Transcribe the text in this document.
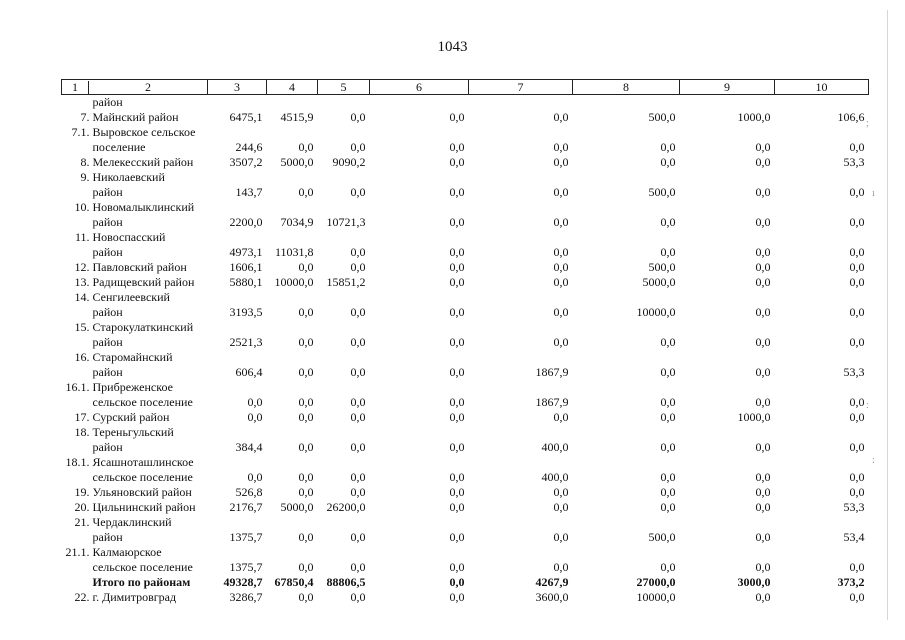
1043
;
ı
:
:
1 2	3	4	5	6	7	8	9	10

район								

7. Майнский район	6475,1	4515,9	0,0	0,0	0,0	500,0	1000,0	106,6

7.1. Выровское сельское								

поселение	244,6	0,0	0,0	0,0	0,0	0,0	0,0	0,0

8. Мелекесский район	3507,2	5000,0	9090,2	0,0	0,0	0,0	0,0	53,3

9. Николаевский								

район	143,7	0,0	0,0	0,0	0,0	500,0	0,0	0,0

10. Новомалыклинский								

район	2200,0	7034,9	10721,3	0,0	0,0	0,0	0,0	0,0

11. Новоспасский								

район	4973,1	11031,8	0,0	0,0	0,0	0,0	0,0	0,0

12. Павловский район	1606,1	0,0	0,0	0,0	0,0	500,0	0,0	0,0

13. Радищевский район	5880,1	10000,0	15851,2	0,0	0,0	5000,0	0,0	0,0

14. Сенгилеевский								

район	3193,5	0,0	0,0	0,0	0,0	10000,0	0,0	0,0

15. Старокулаткинский								

район	2521,3	0,0	0,0	0,0	0,0	0,0	0,0	0,0

16. Старомайнский								

район	606,4	0,0	0,0	0,0	1867,9	0,0	0,0	53,3

16.1. Прибреженское								

сельское поселение	0,0	0,0	0,0	0,0	1867,9	0,0	0,0	0,0

17. Сурский район	0,0	0,0	0,0	0,0	0,0	0,0	1000,0	0,0

18. Тереньгульский								

район	384,4	0,0	0,0	0,0	400,0	0,0	0,0	0,0

18.1. Ясашноташлинское								

сельское поселение	0,0	0,0	0,0	0,0	400,0	0,0	0,0	0,0

19. Ульяновский район	526,8	0,0	0,0	0,0	0,0	0,0	0,0	0,0

20. Цильнинский район	2176,7	5000,0	26200,0	0,0	0,0	0,0	0,0	53,3

21. Чердаклинский								

район	1375,7	0,0	0,0	0,0	0,0	500,0	0,0	53,4

21.1. Калмаюрское								

сельское поселение	1375,7	0,0	0,0	0,0	0,0	0,0	0,0	0,0

Итого по районам	49328,7	67850,4	88806,5	0,0	4267,9	27000,0	3000,0	373,2

22. г. Димитровград	3286,7	0,0	0,0	0,0	3600,0	10000,0	0,0	0,0
